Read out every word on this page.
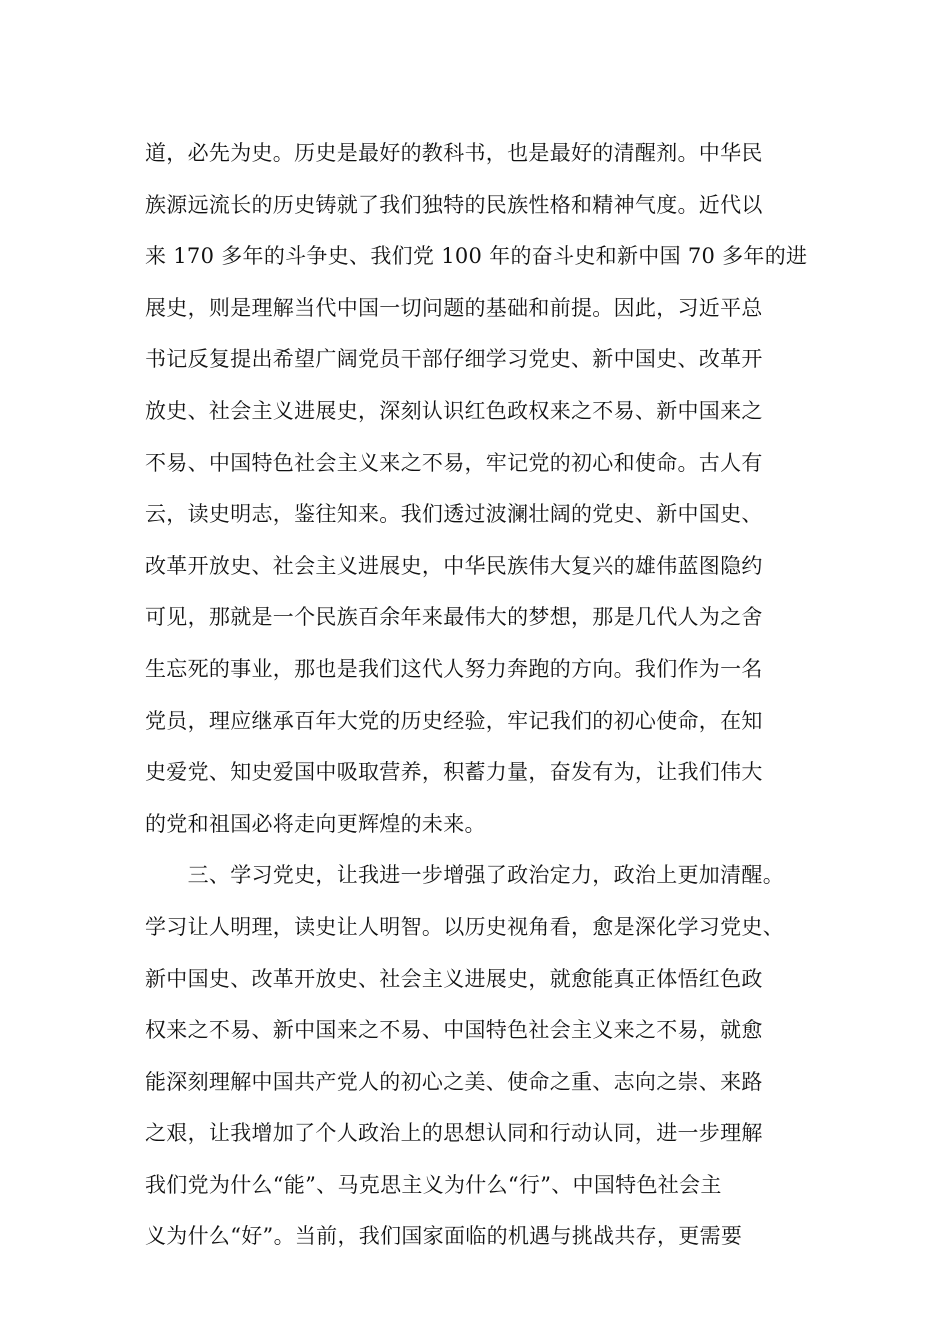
道，必先为史。历史是最好的教科书，也是最好的清醒剂。中华民
族源远流长的历史铸就了我们独特的民族性格和精神气度。近代以
来 170 多年的斗争史、我们党 100 年的奋斗史和新中国 70 多年的进
展史，则是理解当代中国一切问题的基础和前提。因此，习近平总
书记反复提出希望广阔党员干部仔细学习党史、新中国史、改革开
放史、社会主义进展史，深刻认识红色政权来之不易、新中国来之
不易、中国特色社会主义来之不易，牢记党的初心和使命。古人有
云，读史明志，鉴往知来。我们透过波澜壮阔的党史、新中国史、
改革开放史、社会主义进展史，中华民族伟大复兴的雄伟蓝图隐约
可见，那就是一个民族百余年来最伟大的梦想，那是几代人为之舍
生忘死的事业，那也是我们这代人努力奔跑的方向。我们作为一名
党员，理应继承百年大党的历史经验，牢记我们的初心使命，在知
史爱党、知史爱国中吸取营养，积蓄力量，奋发有为，让我们伟大
的党和祖国必将走向更辉煌的未来。
　　三、学习党史，让我进一步增强了政治定力，政治上更加清醒。
学习让人明理，读史让人明智。以历史视角看，愈是深化学习党史、
新中国史、改革开放史、社会主义进展史，就愈能真正体悟红色政
权来之不易、新中国来之不易、中国特色社会主义来之不易，就愈
能深刻理解中国共产党人的初心之美、使命之重、志向之崇、来路
之艰，让我增加了个人政治上的思想认同和行动认同，进一步理解
我们党为什么“能”、马克思主义为什么“行”、中国特色社会主
义为什么“好”。当前，我们国家面临的机遇与挑战共存，更需要
